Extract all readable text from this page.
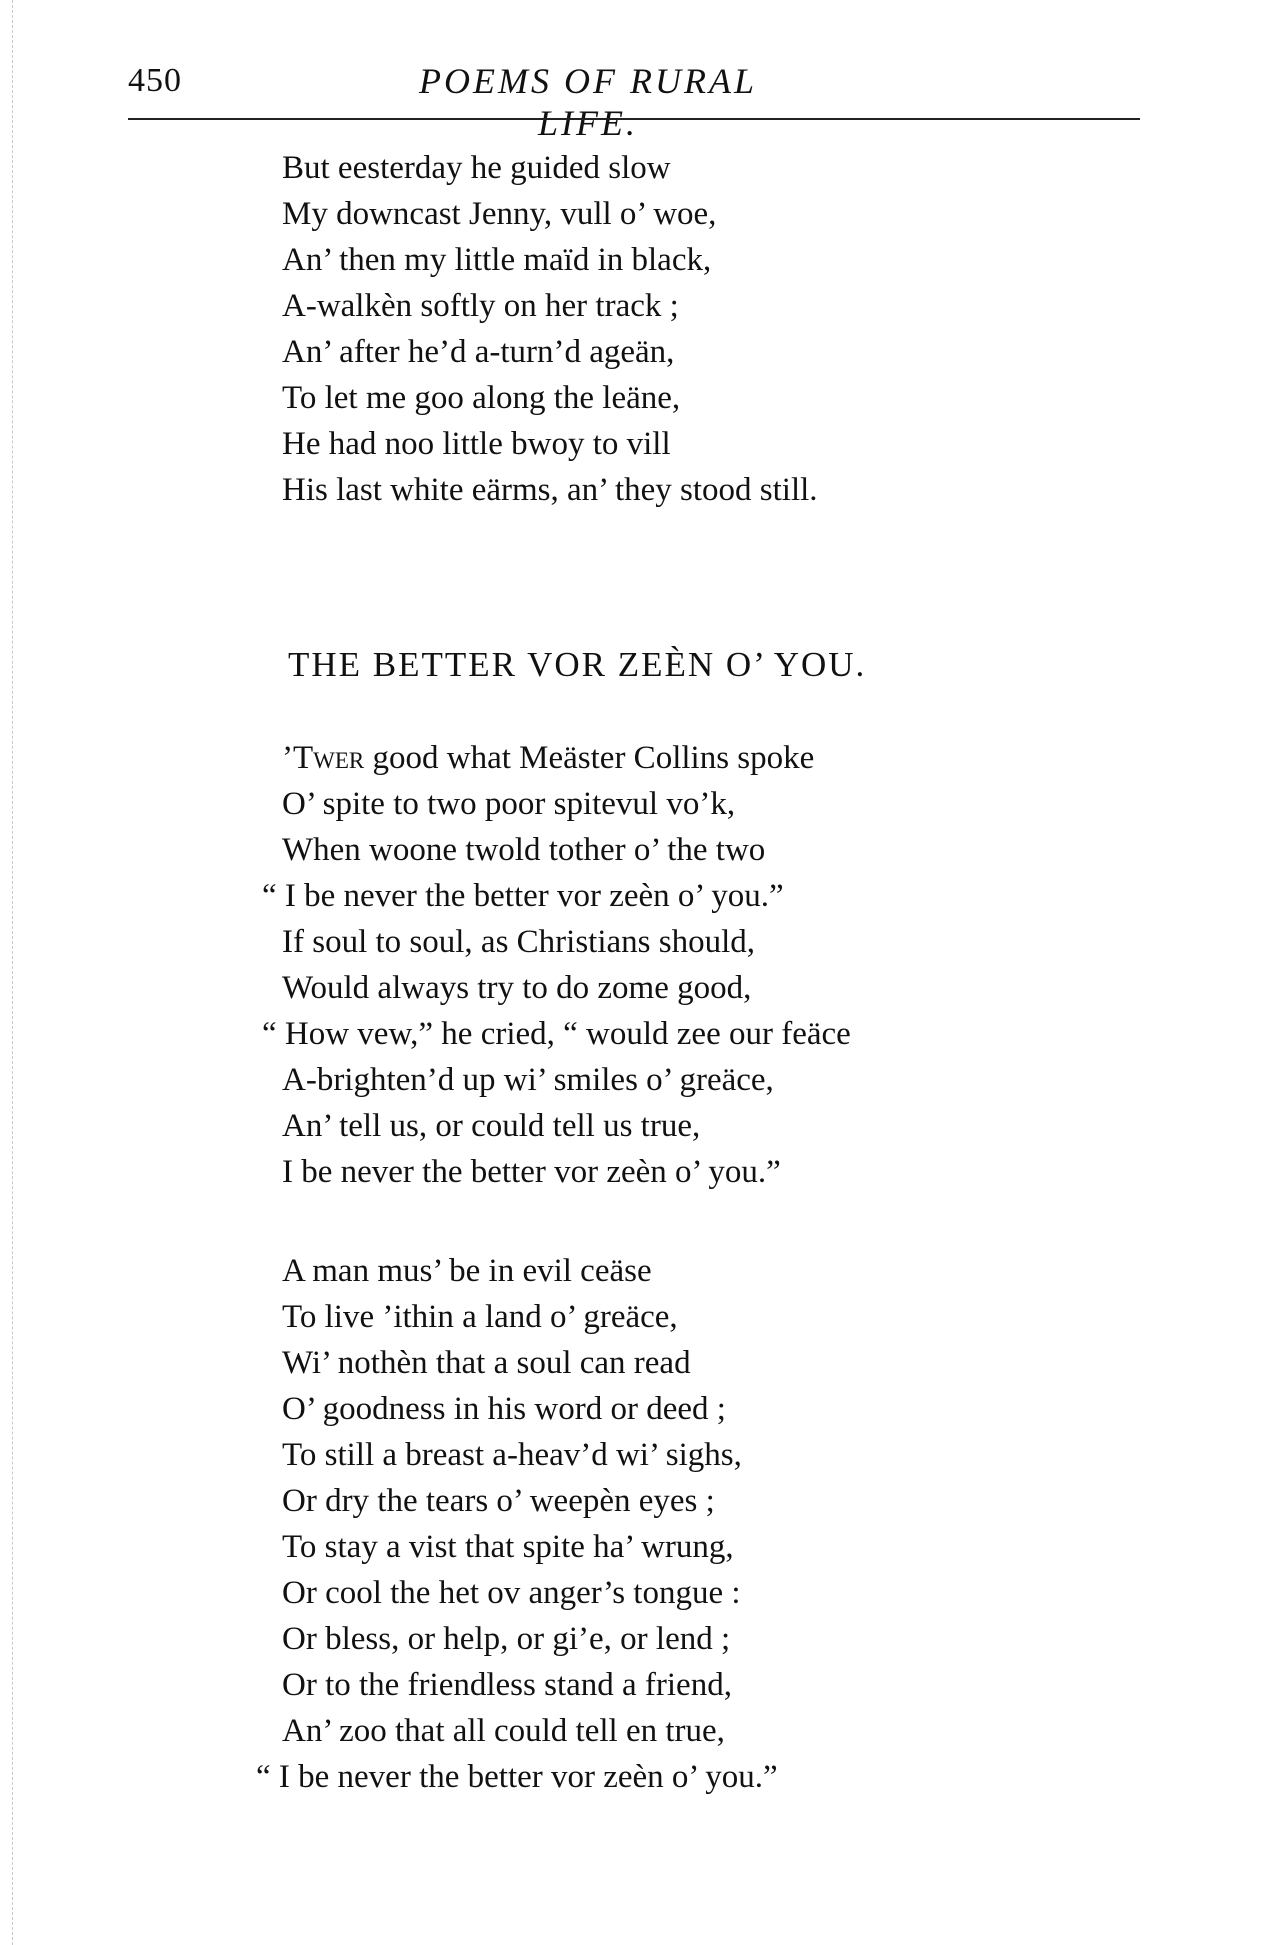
450	POEMS OF RURAL LIFE.
But eesterday he guided slow
My downcast Jenny, vull o’ woe,
An’ then my little maïd in black,
A-walkèn softly on her track ;
An’ after he’d a-turn’d ageän,
To let me goo along the leäne,
He had noo little bwoy to vill
His last white eärms, an’ they stood still.
THE BETTER VOR ZEÈN O’ YOU.
’Twer good what Meäster Collins spoke
O’ spite to two poor spitevul vo’k,
When woone twold tother o’ the two
“ I be never the better vor zeèn o’ you.”
If soul to soul, as Christians should,
Would always try to do zome good,
“ How vew,” he cried, “ would zee our feäce
A-brighten’d up wi’ smiles o’ greäce,
An’ tell us, or could tell us true,
I be never the better vor zeèn o’ you.”
A man mus’ be in evil ceäse
To live ’ithin a land o’ greäce,
Wi’ nothèn that a soul can read
O’ goodness in his word or deed ;
To still a breast a-heav’d wi’ sighs,
Or dry the tears o’ weepèn eyes ;
To stay a vist that spite ha’ wrung,
Or cool the het ov anger’s tongue :
Or bless, or help, or gi’e, or lend ;
Or to the friendless stand a friend,
An’ zoo that all could tell en true,
“ I be never the better vor zeèn o’ you.”
